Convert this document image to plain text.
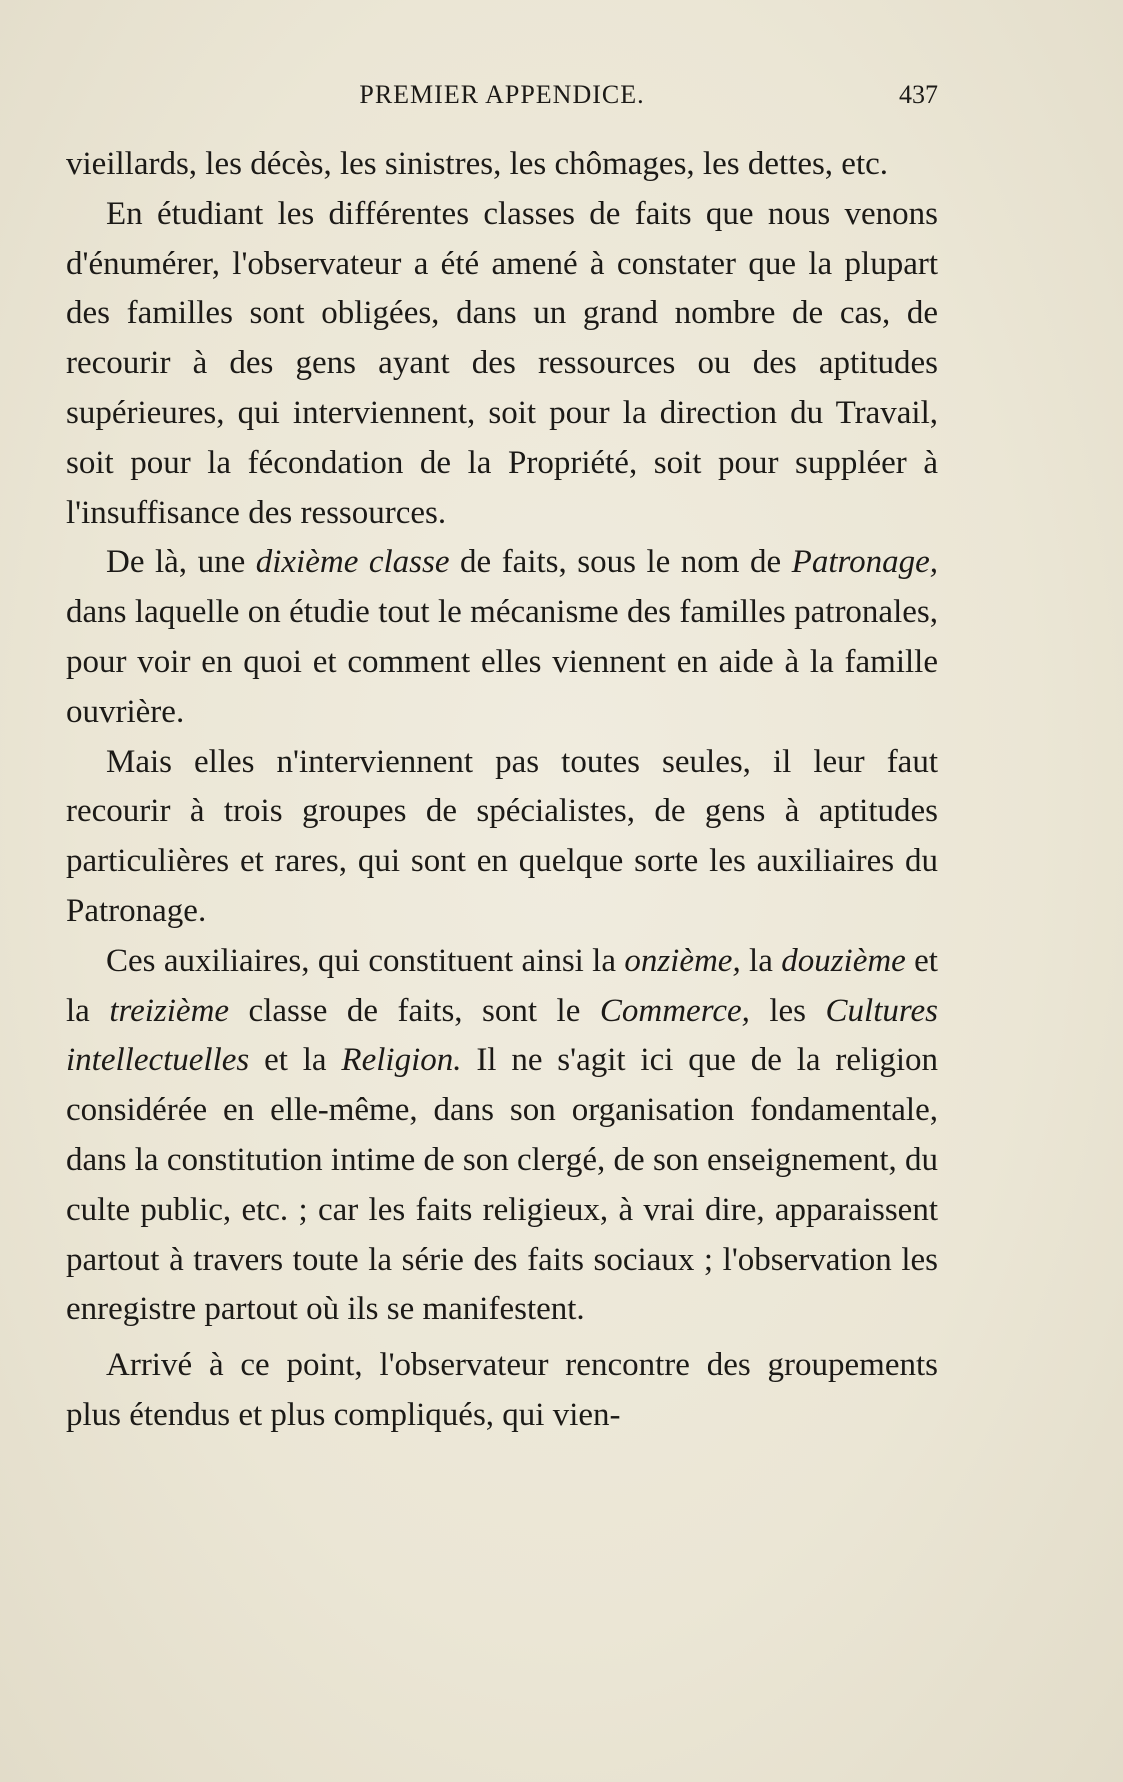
PREMIER APPENDICE.	437

vieillards, les décès, les sinistres, les chômages, les dettes, etc.

En étudiant les différentes classes de faits que nous venons d'énumérer, l'observateur a été amené à constater que la plupart des familles sont obligées, dans un grand nombre de cas, de recourir à des gens ayant des ressources ou des aptitudes supérieures, qui interviennent, soit pour la direction du Travail, soit pour la fécondation de la Propriété, soit pour suppléer à l'insuffisance des ressources.

De là, une dixième classe de faits, sous le nom de Patronage, dans laquelle on étudie tout le mécanisme des familles patronales, pour voir en quoi et comment elles viennent en aide à la famille ouvrière.

Mais elles n'interviennent pas toutes seules, il leur faut recourir à trois groupes de spécialistes, de gens à aptitudes particulières et rares, qui sont en quelque sorte les auxiliaires du Patronage.

Ces auxiliaires, qui constituent ainsi la onzième, la douzième et la treizième classe de faits, sont le Commerce, les Cultures intellectuelles et la Religion. Il ne s'agit ici que de la religion considérée en elle-même, dans son organisation fondamentale, dans la constitution intime de son clergé, de son enseignement, du culte public, etc. ; car les faits religieux, à vrai dire, apparaissent partout à travers toute la série des faits sociaux ; l'observation les enregistre partout où ils se manifestent.

Arrivé à ce point, l'observateur rencontre des groupements plus étendus et plus compliqués, qui vien-
